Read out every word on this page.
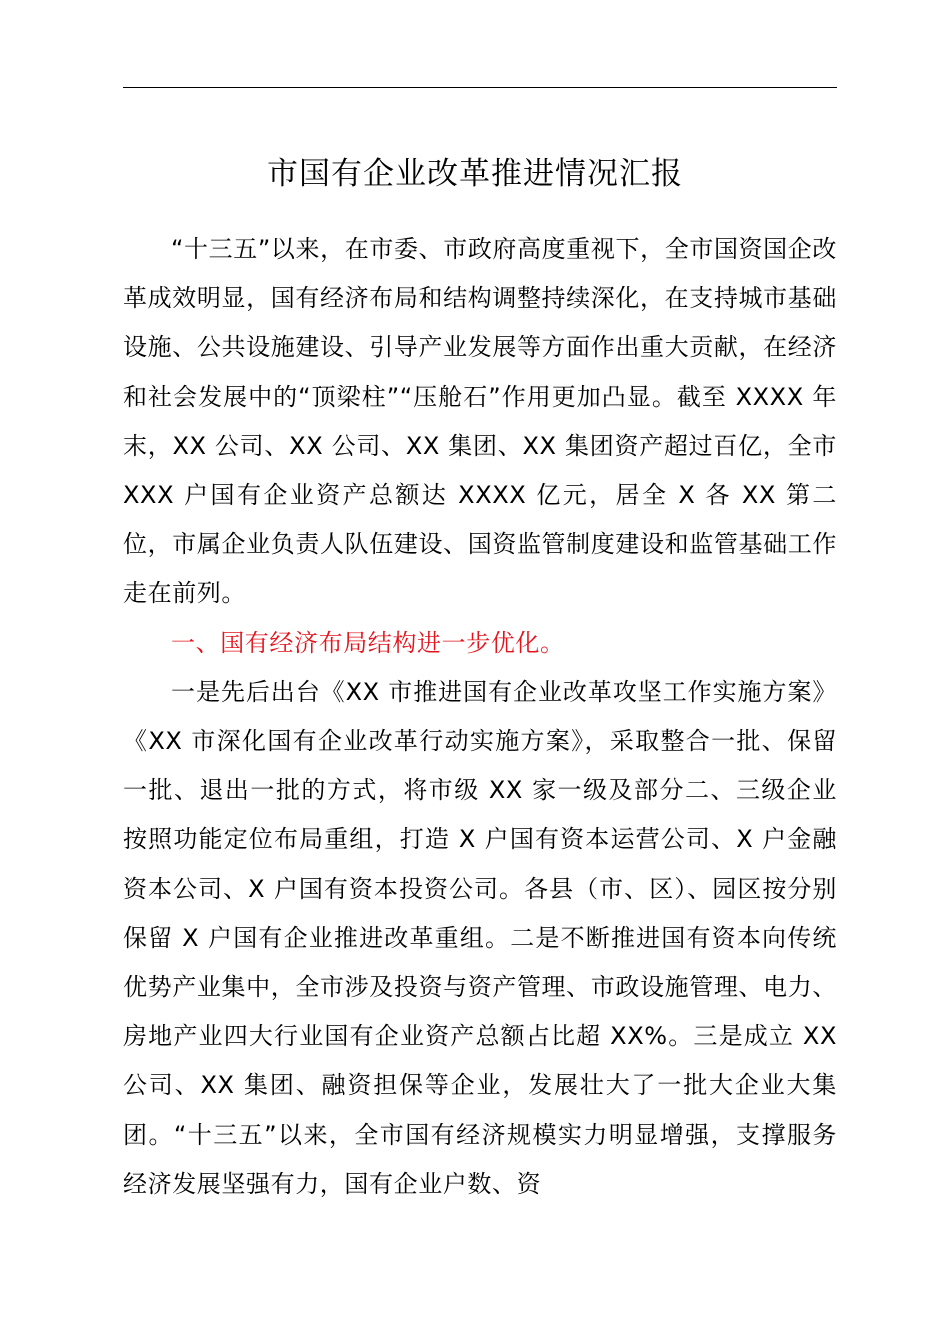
市国有企业改革推进情况汇报

“十三五”以来，在市委、市政府高度重视下，全市国资国企改革成效明显，国有经济布局和结构调整持续深化，在支持城市基础设施、公共设施建设、引导产业发展等方面作出重大贡献，在经济和社会发展中的“顶梁柱”“压舱石”作用更加凸显。截至 XXXX 年末，XX 公司、XX 公司、XX 集团、XX 集团资产超过百亿，全市 XXX 户国有企业资产总额达 XXXX 亿元，居全 X 各 XX 第二位，市属企业负责人队伍建设、国资监管制度建设和监管基础工作走在前列。

一、国有经济布局结构进一步优化。

一是先后出台《XX 市推进国有企业改革攻坚工作实施方案》《XX 市深化国有企业改革行动实施方案》，采取整合一批、保留一批、退出一批的方式，将市级 XX 家一级及部分二、三级企业按照功能定位布局重组，打造 X 户国有资本运营公司、X 户金融资本公司、X 户国有资本投资公司。各县（市、区）、园区按分别保留 X 户国有企业推进改革重组。二是不断推进国有资本向传统优势产业集中，全市涉及投资与资产管理、市政设施管理、电力、房地产业四大行业国有企业资产总额占比超 XX%。三是成立 XX 公司、XX 集团、融资担保等企业，发展壮大了一批大企业大集团。“十三五”以来，全市国有经济规模实力明显增强，支撑服务经济发展坚强有力，国有企业户数、资
